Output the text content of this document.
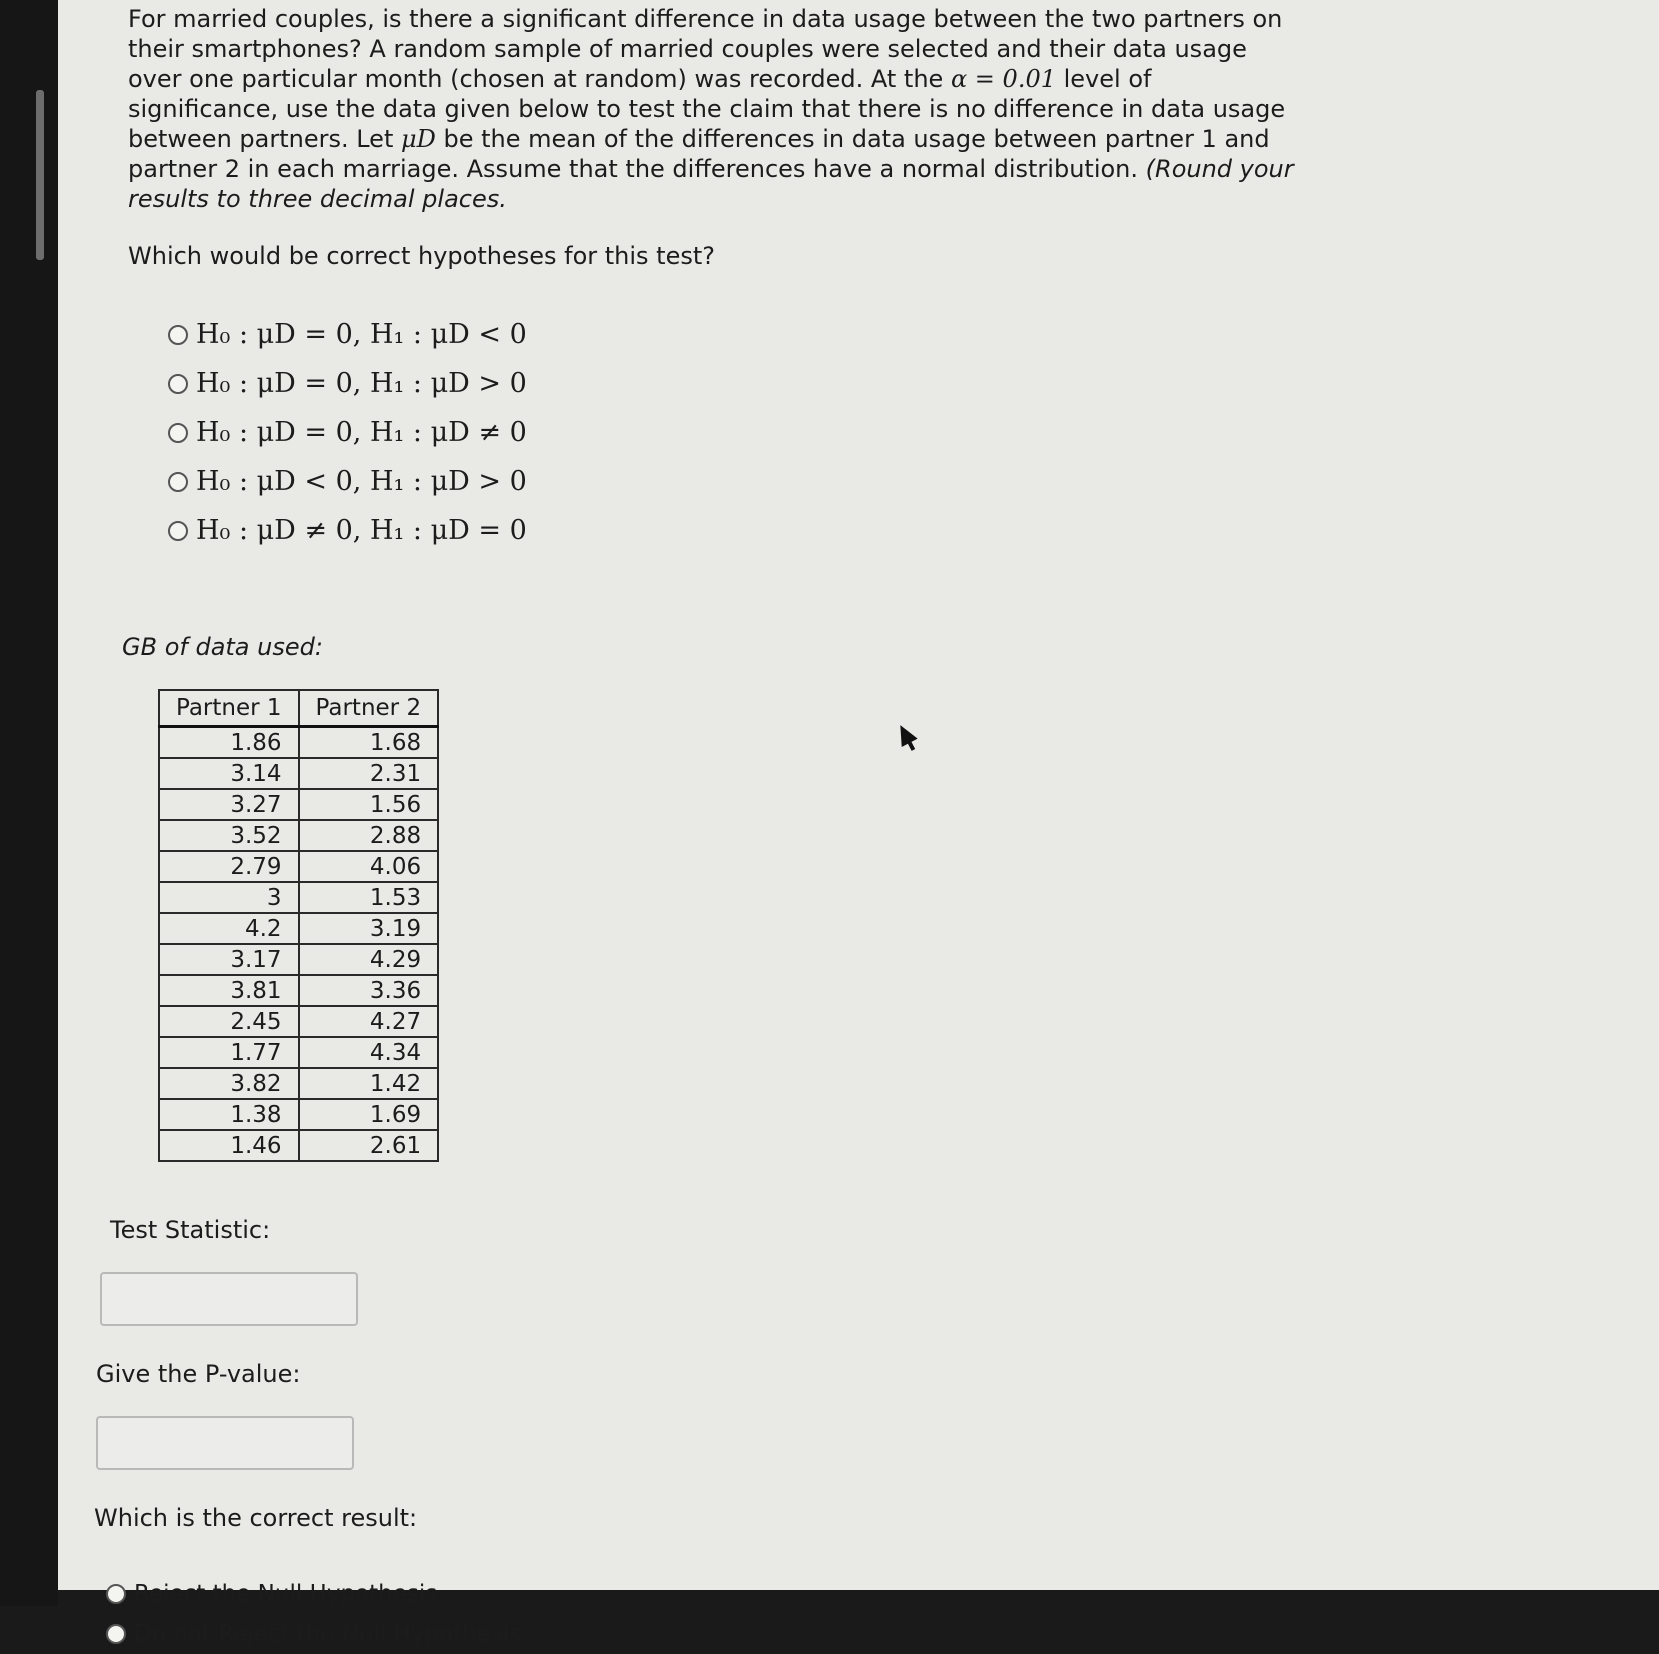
For married couples, is there a significant difference in data usage between the two partners on their smartphones? A random sample of married couples were selected and their data usage over one particular month (chosen at random) was recorded. At the α = 0.01 level of significance, use the data given below to test the claim that there is no difference in data usage between partners. Let μD be the mean of the differences in data usage between partner 1 and partner 2 in each marriage. Assume that the differences have a normal distribution. (Round your results to three decimal places.

Which would be correct hypotheses for this test?
H₀ : μD = 0, H₁ : μD < 0
H₀ : μD = 0, H₁ : μD > 0
H₀ : μD = 0, H₁ : μD ≠ 0
H₀ : μD < 0, H₁ : μD > 0
H₀ : μD ≠ 0, H₁ : μD = 0
GB of data used:
Partner 1	Partner 2
1.86	1.68
3.14	2.31
3.27	1.56
3.52	2.88
2.79	4.06
3	1.53
4.2	3.19
3.17	4.29
3.81	3.36
2.45	4.27
1.77	4.34
3.82	1.42
1.38	1.69
1.46	2.61
Test Statistic:
Give the P-value:
Which is the correct result:
Reject the Null Hypothesis
Do not Reject the Null Hypothesis
